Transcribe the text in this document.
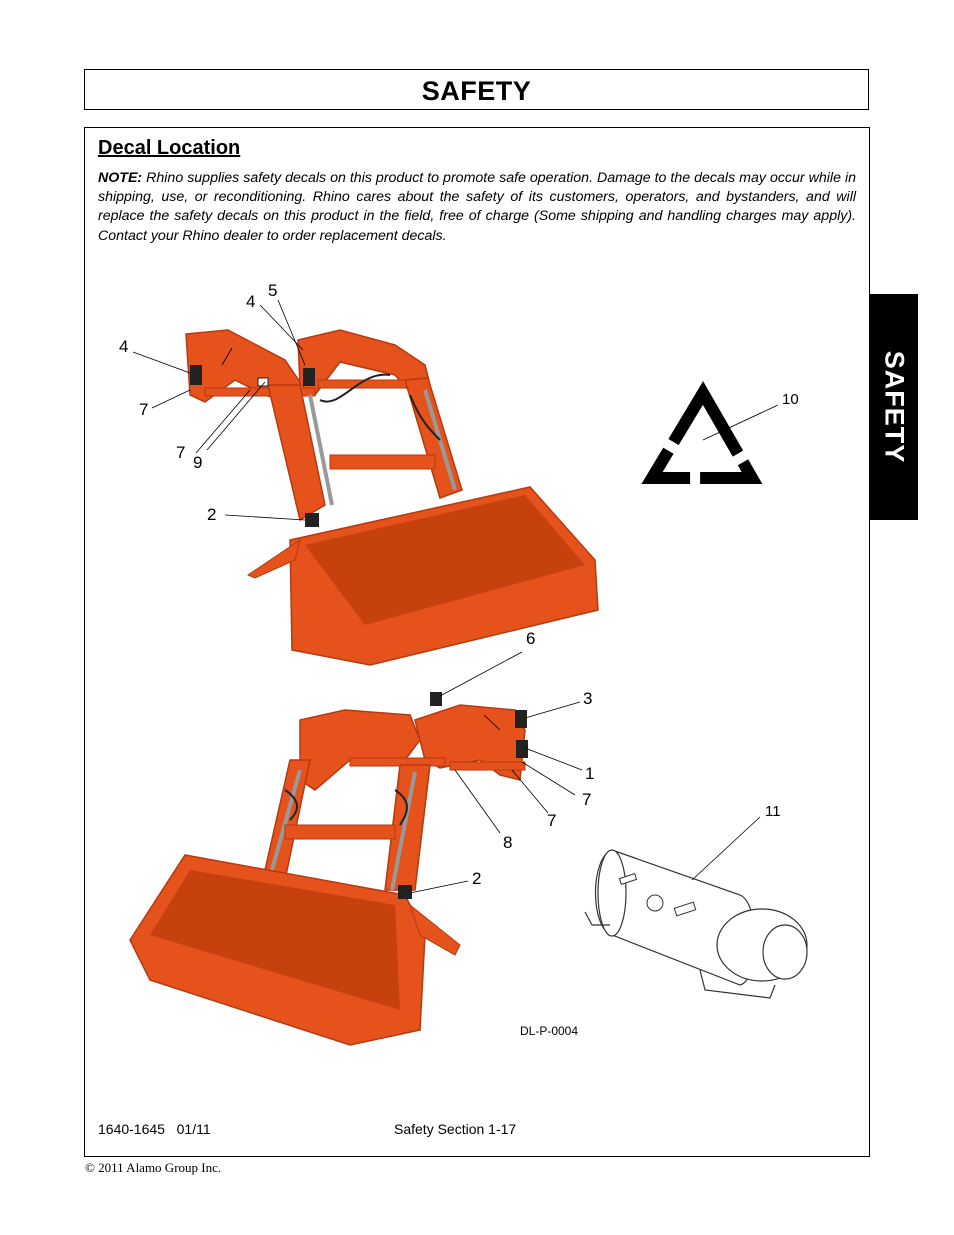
SAFETY
Decal Location
NOTE: Rhino supplies safety decals on this product to promote safe operation. Damage to the decals may occur while in shipping, use, or reconditioning. Rhino cares about the safety of its customers, operators, and bystanders, and will replace the safety decals on this product in the field, free of charge (Some shipping and handling charges may apply). Contact your Rhino dealer to order replacement decals.
SAFETY
4
4
5
7
7
9
2
10
6
3
1
7
7
8
2
11
DL-P-0004
1640-1645   01/11	Safety Section 1-17
© 2011 Alamo Group Inc.
